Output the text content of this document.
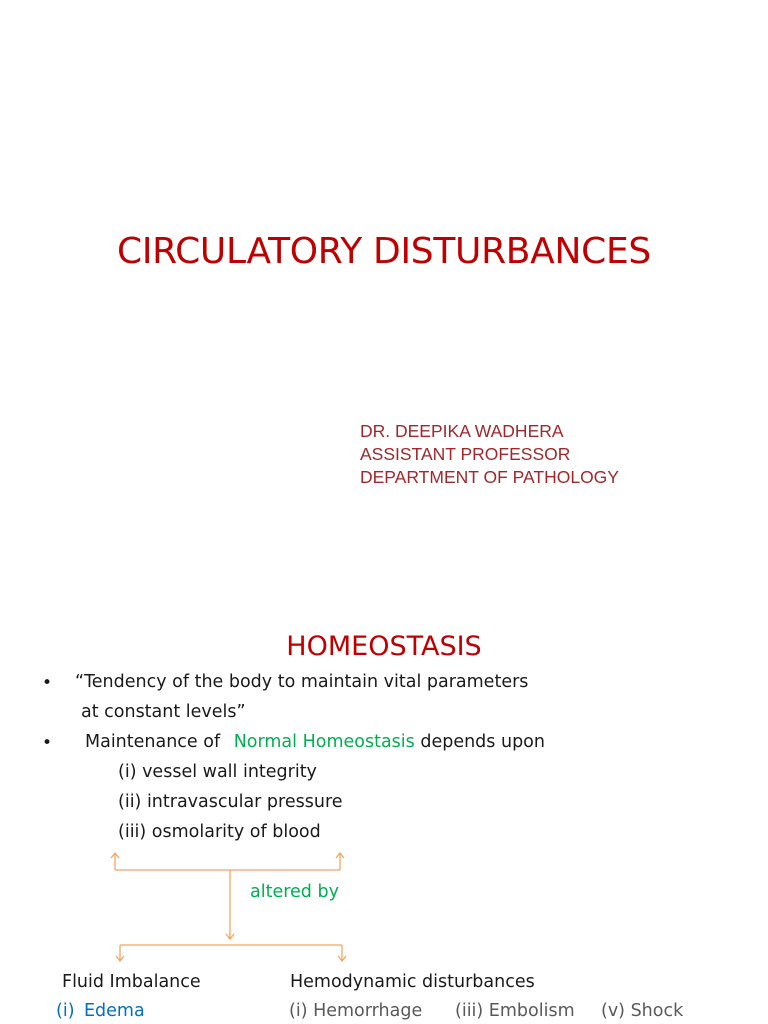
CIRCULATORY DISTURBANCES
DR. DEEPIKA WADHERA
ASSISTANT PROFESSOR
DEPARTMENT OF PATHOLOGY
HOMEOSTASIS
• “Tendency of the body to maintain vital parameters
at constant levels”
• Maintenance of Normal Homeostasis depends upon
(i) vessel wall integrity
(ii) intravascular pressure
(iii) osmolarity of blood
altered by
Fluid Imbalance	Hemodynamic disturbances
(i) Edema	(i) Hemorrhage (iii) Embolism (v) Shock
